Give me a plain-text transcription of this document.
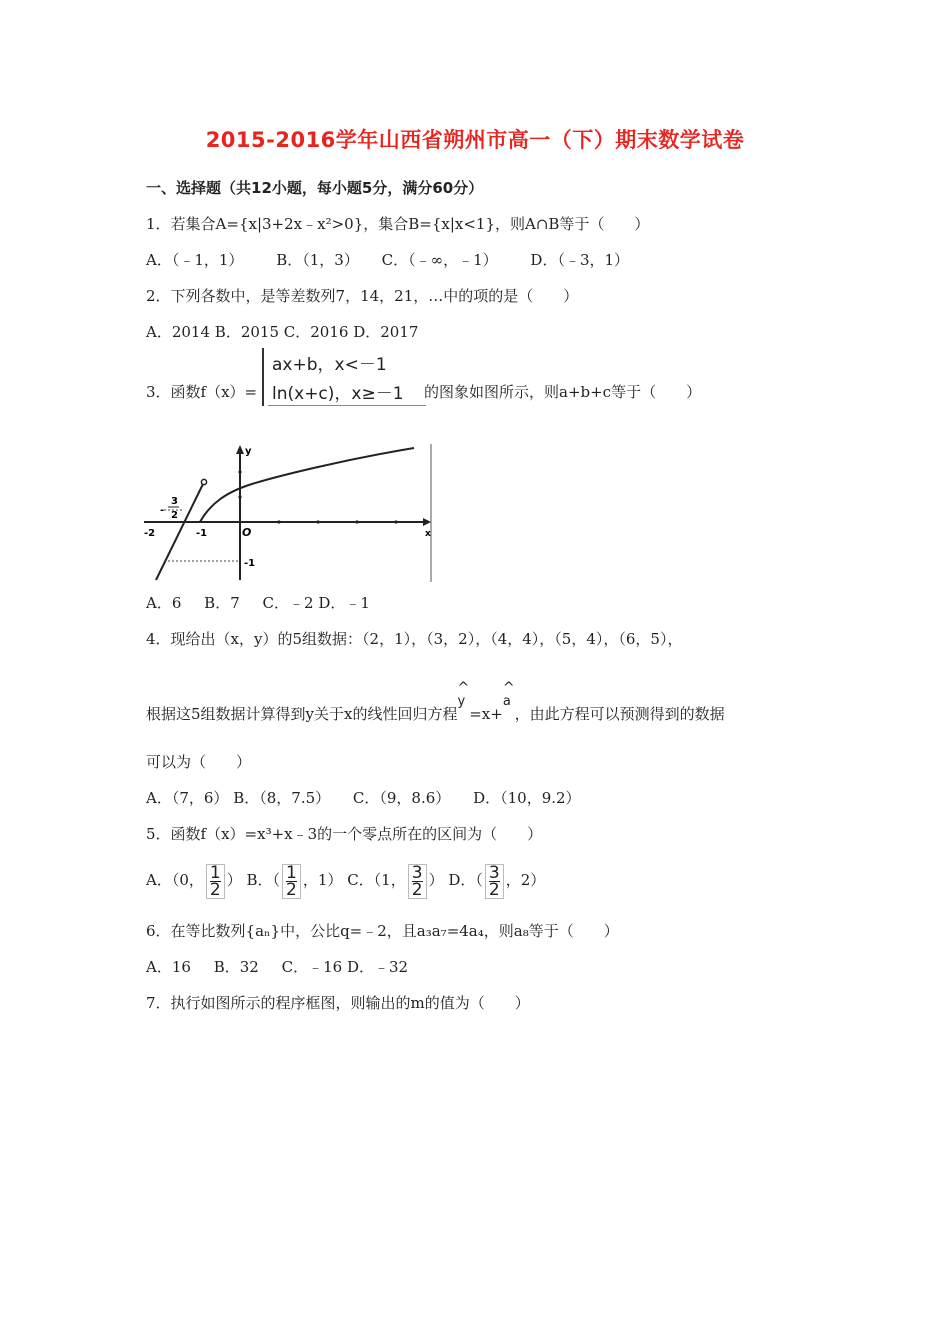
2015-2016学年山西省朔州市高一（下）期末数学试卷
一、选择题（共12小题，每小题5分，满分60分）
1．若集合A={x|3+2x﹣x²>0}，集合B={x|x<1}，则A∩B等于（　　）
A．（﹣1，1） B．（1，3） C．（﹣∞，﹣1） D．（﹣3，1）
2．下列各数中，是等差数列7，14，21，…中的项的是（　　）
A．2014 B．2015 C．2016 D．2017
3．函数f（x）=
ax+b，x<－1
ln(x+c)，x≥－1 的图象如图所示，则a+b+c等于（　　）
y
x
O
-2	-1
-1
-
3
2
A．6 B．7 C．﹣2 D．﹣1
4．现给出（x，y）的5组数据：（2，1），（3，2），（4，4），（5，4），（6，5），
根据这5组数据计算得到y关于x的线性回归方程
^
y=x+
^
a，由此方程可以预测得到的数据
可以为（　　）
A．（7，6） B．（8，7.5） C．（9，8.6） D．（10，9.2）
5．函数f（x）=x³+x﹣3的一个零点所在的区间为（　　）
A．（0， $\frac{1}{2}$ ） B．（ $\frac{1}{2}$ ，1） C．（1， $\frac{3}{2}$ ） D．（ $\frac{3}{2}$ ，2）
6．在等比数列{aₙ}中，公比q=﹣2，且a₃a₇=4a₄，则a₈等于（　　）
A．16 B．32 C．﹣16 D．﹣32
7．执行如图所示的程序框图，则输出的m的值为（　　）
